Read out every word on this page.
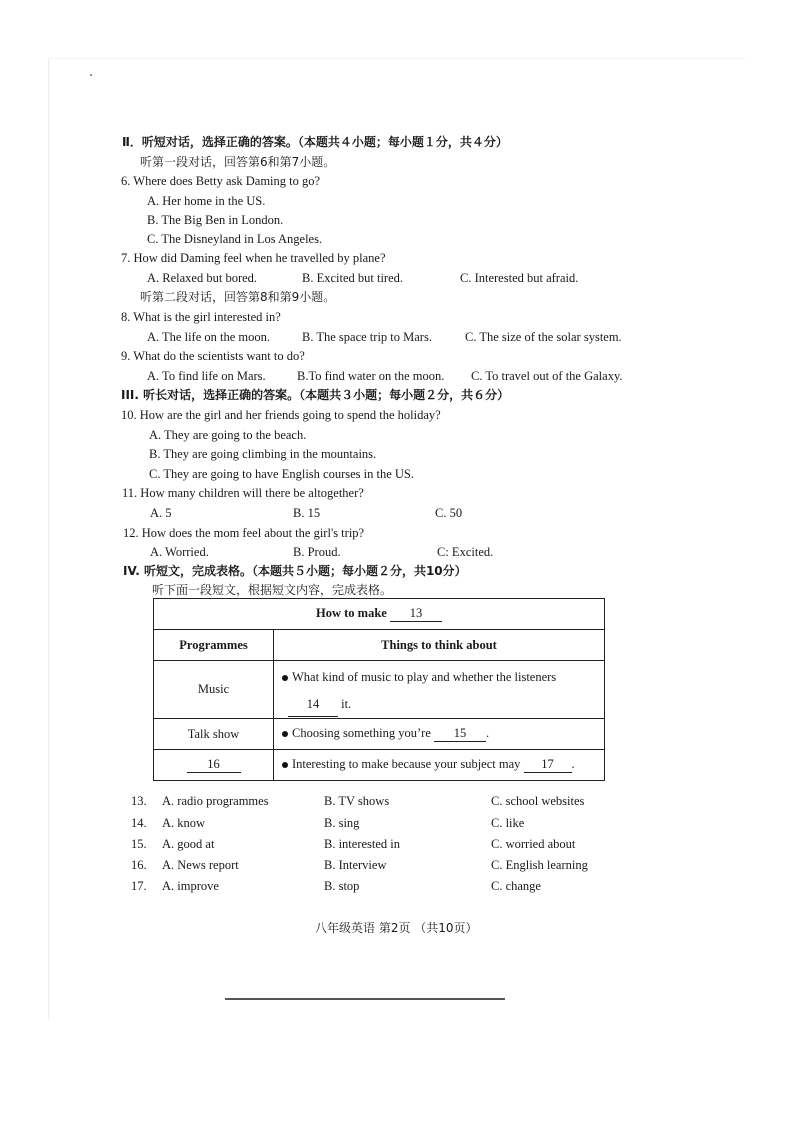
Ⅱ．听短对话，选择正确的答案。（本题共４小题；每小题１分，共４分）
听第一段对话，回答第6和第7小题。
6. Where does Betty ask Daming to go?
A. Her home in the US.
B. The Big Ben in London.
C. The Disneyland in Los Angeles.
7. How did Daming feel when he travelled by plane?
A. Relaxed but bored.	B. Excited but tired.	C. Interested but afraid.
听第二段对话，回答第8和第9小题。
8. What is the girl interested in?
A. The life on the moon.	B. The space trip to Mars.	C. The size of the solar system.
9. What do the scientists want to do?
A. To find life on Mars.	B.To find water on the moon. C. To travel out of the Galaxy.
III. 听长对话，选择正确的答案。（本题共３小题；每小题２分，共６分）
10. How are the girl and her friends going to spend the holiday?
A. They are going to the beach.
B. They are going climbing in the mountains.
C. They are going to have English courses in the US.
11. How many children will there be altogether?
A. 5	B. 15	C. 50
12. How does the mom feel about the girl's trip?
A. Worried.	B. Proud.	C: Excited.
IV. 听短文，完成表格。（本题共５小题；每小题２分，共10分）
听下面一段短文，根据短文内容，完成表格。
How to make 13	
Programmes	Things to think about
Music	What kind of music to play and whether the listeners
14 it.

Talk show	Choosing something you’re 15 .
16	Interesting to make because your subject may 17 .
13. A. radio programmes	B. TV shows	C. school websites
14. A. know	B. sing	C. like
15. A. good at	B. interested in	C. worried about
16. A. News report	B. Interview	C. English learning
17. A. improve	B. stop	C. change
八年级英语 第2页 （共10页）
